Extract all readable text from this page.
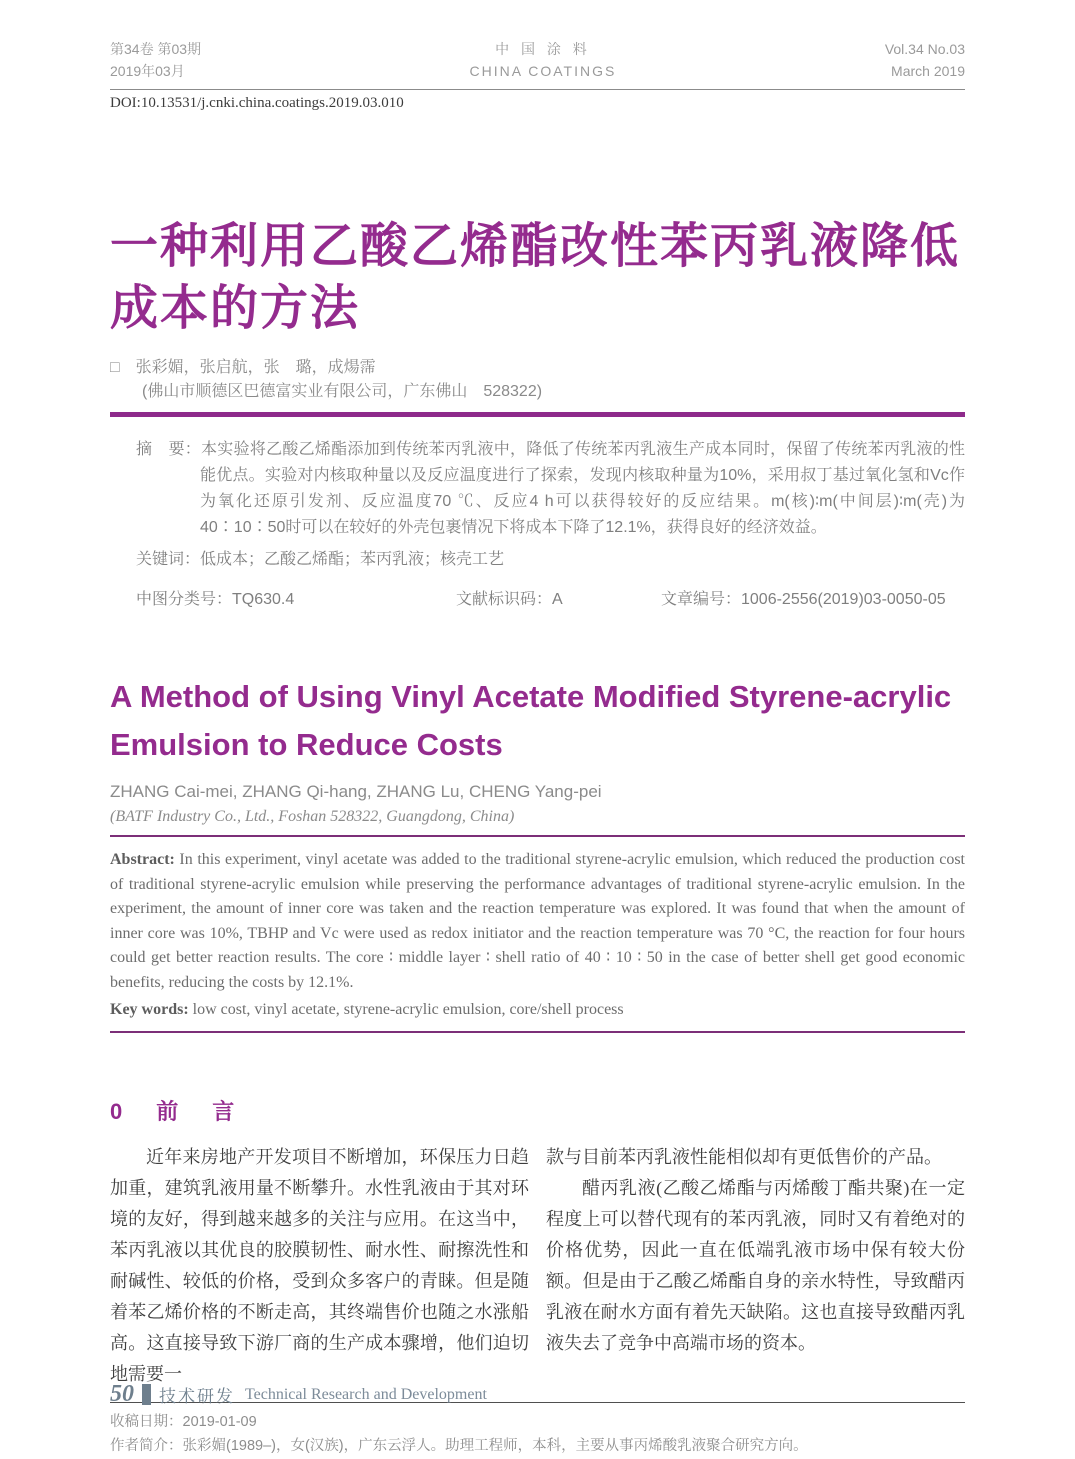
第34卷 第03期
2019年03月
中 国 涂 料
CHINA COATINGS
Vol.34 No.03
March 2019
DOI:10.13531/j.cnki.china.coatings.2019.03.010
一种利用乙酸乙烯酯改性苯丙乳液降低
成本的方法
□ 张彩媚，张启航，张　璐，成煬霈
(佛山市顺德区巴德富实业有限公司，广东佛山　528322)

摘　要：本实验将乙酸乙烯酯添加到传统苯丙乳液中，降低了传统苯丙乳液生产成本同时，保留了传统苯丙乳液的性能优点。实验对内核取种量以及反应温度进行了探索，发现内核取种量为10%，采用叔丁基过氧化氢和Vc作为氧化还原引发剂、反应温度70 ℃、反应4 h可以获得较好的反应结果。m(核)∶m(中间层)∶m(壳)为40∶10∶50时可以在较好的外壳包裹情况下将成本下降了12.1%，获得良好的经济效益。

关键词：低成本；乙酸乙烯酯；苯丙乳液；核壳工艺

中图分类号：TQ630.4	文献标识码：A	文章编号：1006-2556(2019)03-0050-05
A Method of Using Vinyl Acetate Modified Styrene-acrylic
Emulsion to Reduce Costs
ZHANG Cai-mei, ZHANG Qi-hang, ZHANG Lu, CHENG Yang-pei
(BATF Industry Co., Ltd., Foshan 528322, Guangdong, China)

Abstract: In this experiment, vinyl acetate was added to the traditional styrene-acrylic emulsion, which reduced the production cost of traditional styrene-acrylic emulsion while preserving the performance advantages of traditional styrene-acrylic emulsion. In the experiment, the amount of inner core was taken and the reaction temperature was explored. It was found that when the amount of inner core was 10%, TBHP and Vc were used as redox initiator and the reaction temperature was 70 °C, the reaction for four hours could get better reaction results. The core ∶ middle layer ∶ shell ratio of 40 ∶ 10 ∶ 50 in the case of better shell get good economic benefits, reducing the costs by 12.1%.

Key words: low cost, vinyl acetate, styrene-acrylic emulsion, core/shell process

0　前　言

近年来房地产开发项目不断增加，环保压力日趋加重，建筑乳液用量不断攀升。水性乳液由于其对环境的友好，得到越来越多的关注与应用。在这当中，苯丙乳液以其优良的胶膜韧性、耐水性、耐擦洗性和耐碱性、较低的价格，受到众多客户的青睐。但是随着苯乙烯价格的不断走高，其终端售价也随之水涨船高。这直接导致下游厂商的生产成本骤增，他们迫切地需要一

款与目前苯丙乳液性能相似却有更低售价的产品。

醋丙乳液(乙酸乙烯酯与丙烯酸丁酯共聚)在一定程度上可以替代现有的苯丙乳液，同时又有着绝对的价格优势，因此一直在低端乳液市场中保有较大份额。但是由于乙酸乙烯酯自身的亲水特性，导致醋丙乳液在耐水方面有着先天缺陷。这也直接导致醋丙乳液失去了竞争中高端市场的资本。

收稿日期：2019-01-09
作者简介：张彩媚(1989–)，女(汉族)，广东云浮人。助理工程师，本科，主要从事丙烯酸乳液聚合研究方向。
50 技术研发 Technical Research and Development
